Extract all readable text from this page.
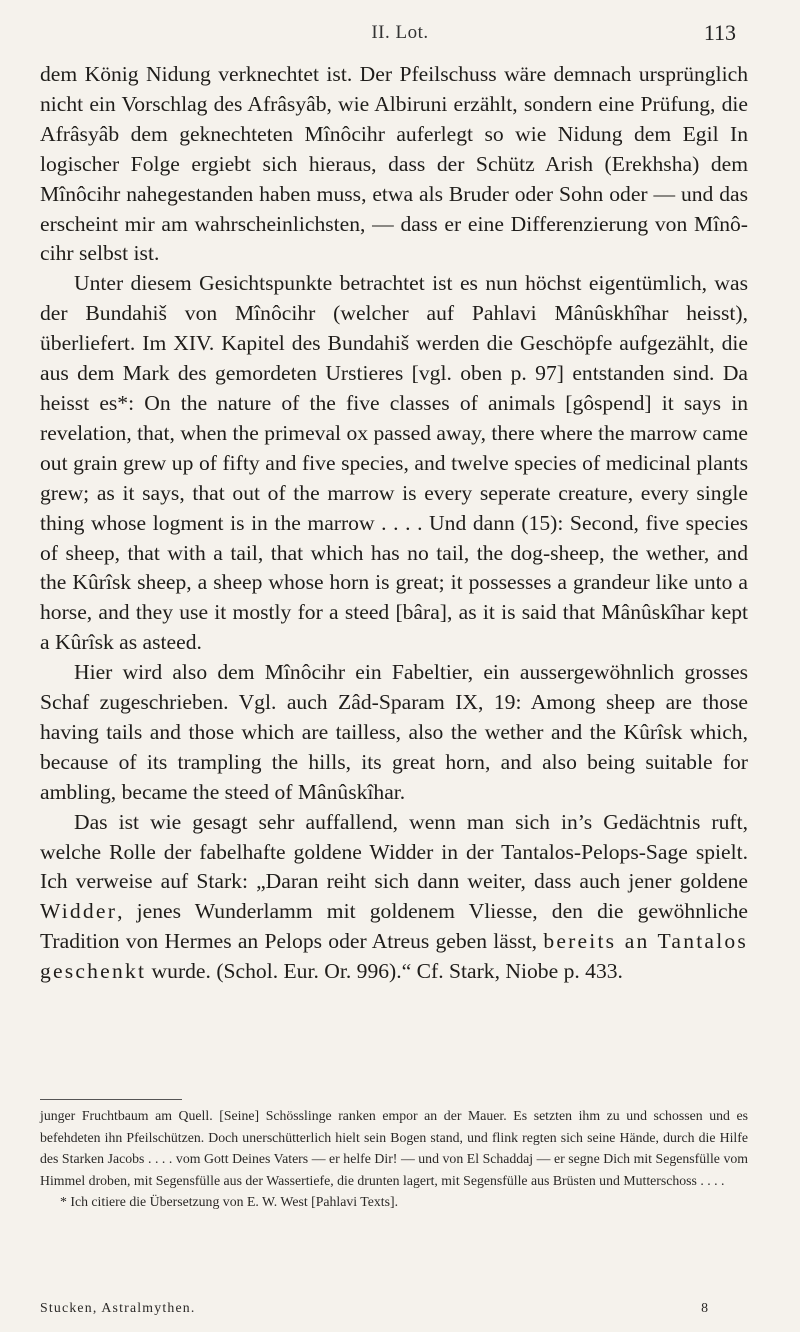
II. Lot.	113

dem König Nidung verknechtet ist. Der Pfeilschuss wäre demnach ursprünglich nicht ein Vorschlag des Afrâsyâb, wie Albiruni erzählt, sondern eine Prüfung, die Afrâsyâb dem geknechteten Mînôcihr auferlegt so wie Nidung dem Egil In logischer Folge ergiebt sich hieraus, dass der Schütz Arish (Erekhsha) dem Mînôcihr nahegestanden haben muss, etwa als Bruder oder Sohn oder — und das erscheint mir am wahrscheinlichsten, — dass er eine Differenzierung von Mînôcihr selbst ist.

Unter diesem Gesichtspunkte betrachtet ist es nun höchst eigentümlich, was der Bundahiš von Mînôcihr (welcher auf Pahlavi Mânûskhîhar heisst), überliefert. Im XIV. Kapitel des Bundahiš werden die Geschöpfe aufgezählt, die aus dem Mark des gemordeten Urstieres [vgl. oben p. 97] entstanden sind. Da heisst es*: On the nature of the five classes of animals [gôspend] it says in revelation, that, when the primeval ox passed away, there where the marrow came out grain grew up of fifty and five species, and twelve species of medicinal plants grew; as it says, that out of the marrow is every seperate creature, every single thing whose logment is in the marrow . . . . Und dann (15): Second, five species of sheep, that with a tail, that which has no tail, the dog-sheep, the wether, and the Kûrîsk sheep, a sheep whose horn is great; it possesses a grandeur like unto a horse, and they use it mostly for a steed [bâra], as it is said that Mânûskîhar kept a Kûrîsk as asteed.

Hier wird also dem Mînôcihr ein Fabeltier, ein aussergewöhnlich grosses Schaf zugeschrieben. Vgl. auch Zâd-Sparam IX, 19: Among sheep are those having tails and those which are tailless, also the wether and the Kûrîsk which, because of its trampling the hills, its great horn, and also being suitable for ambling, became the steed of Mânûskîhar.

Das ist wie gesagt sehr auffallend, wenn man sich in’s Gedächtnis ruft, welche Rolle der fabelhafte goldene Widder in der Tantalos-Pelops-Sage spielt. Ich verweise auf Stark: „Daran reiht sich dann weiter, dass auch jener goldene Widder, jenes Wunderlamm mit goldenem Vliesse, den die gewöhnliche Tradition von Hermes an Pelops oder Atreus geben lässt, bereits an Tantalos geschenkt wurde. (Schol. Eur. Or. 996).“ Cf. Stark, Niobe p. 433.

junger Fruchtbaum am Quell. [Seine] Schösslinge ranken empor an der Mauer. Es setzten ihm zu und schossen und es befehdeten ihn Pfeilschützen. Doch unerschütterlich hielt sein Bogen stand, und flink regten sich seine Hände, durch die Hilfe des Starken Jacobs . . . . vom Gott Deines Vaters — er helfe Dir! — und von El Schaddaj — er segne Dich mit Segensfülle vom Himmel droben, mit Segensfülle aus der Wassertiefe, die drunten lagert, mit Segensfülle aus Brüsten und Mutterschoss . . . .

* Ich citiere die Übersetzung von E. W. West [Pahlavi Texts].

Stucken, Astralmythen.	8
